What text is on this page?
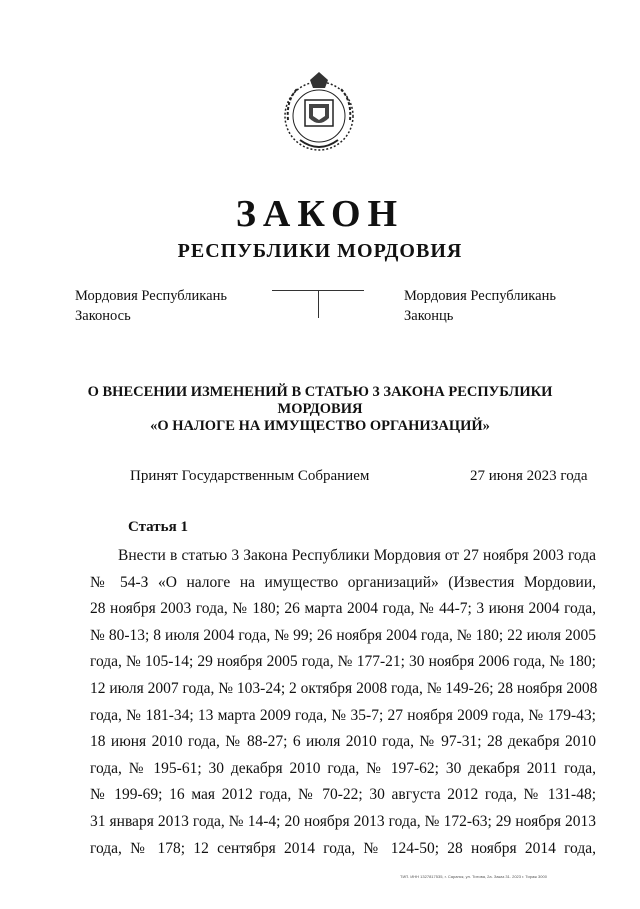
ЗАКОН
РЕСПУБЛИКИ МОРДОВИЯ
Мордовия Республикань
Законось
Мордовия Республикань
Законць
О ВНЕСЕНИИ ИЗМЕНЕНИЙ В СТАТЬЮ 3 ЗАКОНА РЕСПУБЛИКИ МОРДОВИЯ
«О НАЛОГЕ НА ИМУЩЕСТВО ОРГАНИЗАЦИЙ»
Принят Государственным Собранием	27 июня 2023 года
Статья 1
Внести в статью 3 Закона Республики Мордовия от 27 ноября 2003 года
№ 54-З «О налоге на имущество организаций» (Известия Мордовии,
28 ноября 2003 года, № 180; 26 марта 2004 года, № 44-7; 3 июня 2004 года,
№ 80-13; 8 июля 2004 года, № 99; 26 ноября 2004 года, № 180; 22 июля 2005
года, № 105-14; 29 ноября 2005 года, № 177-21; 30 ноября 2006 года, № 180;
12 июля 2007 года, № 103-24; 2 октября 2008 года, № 149-26; 28 ноября 2008
года, № 181-34; 13 марта 2009 года, № 35-7; 27 ноября 2009 года, № 179-43;
18 июня 2010 года, № 88-27; 6 июля 2010 года, № 97-31; 28 декабря 2010
года, № 195-61; 30 декабря 2010 года, № 197-62; 30 декабря 2011 года,
№ 199-69; 16 мая 2012 года, № 70-22; 30 августа 2012 года, № 131-48;
31 января 2013 года, № 14-4; 20 ноября 2013 года, № 172-63; 29 ноября 2013
года, № 178; 12 сентября 2014 года, № 124-50; 28 ноября 2014 года,
ТИП. ИНН 1327817535, г. Саранск, ул. Титова, 2а. Заказ 31. 2023 г. Тираж 3000
